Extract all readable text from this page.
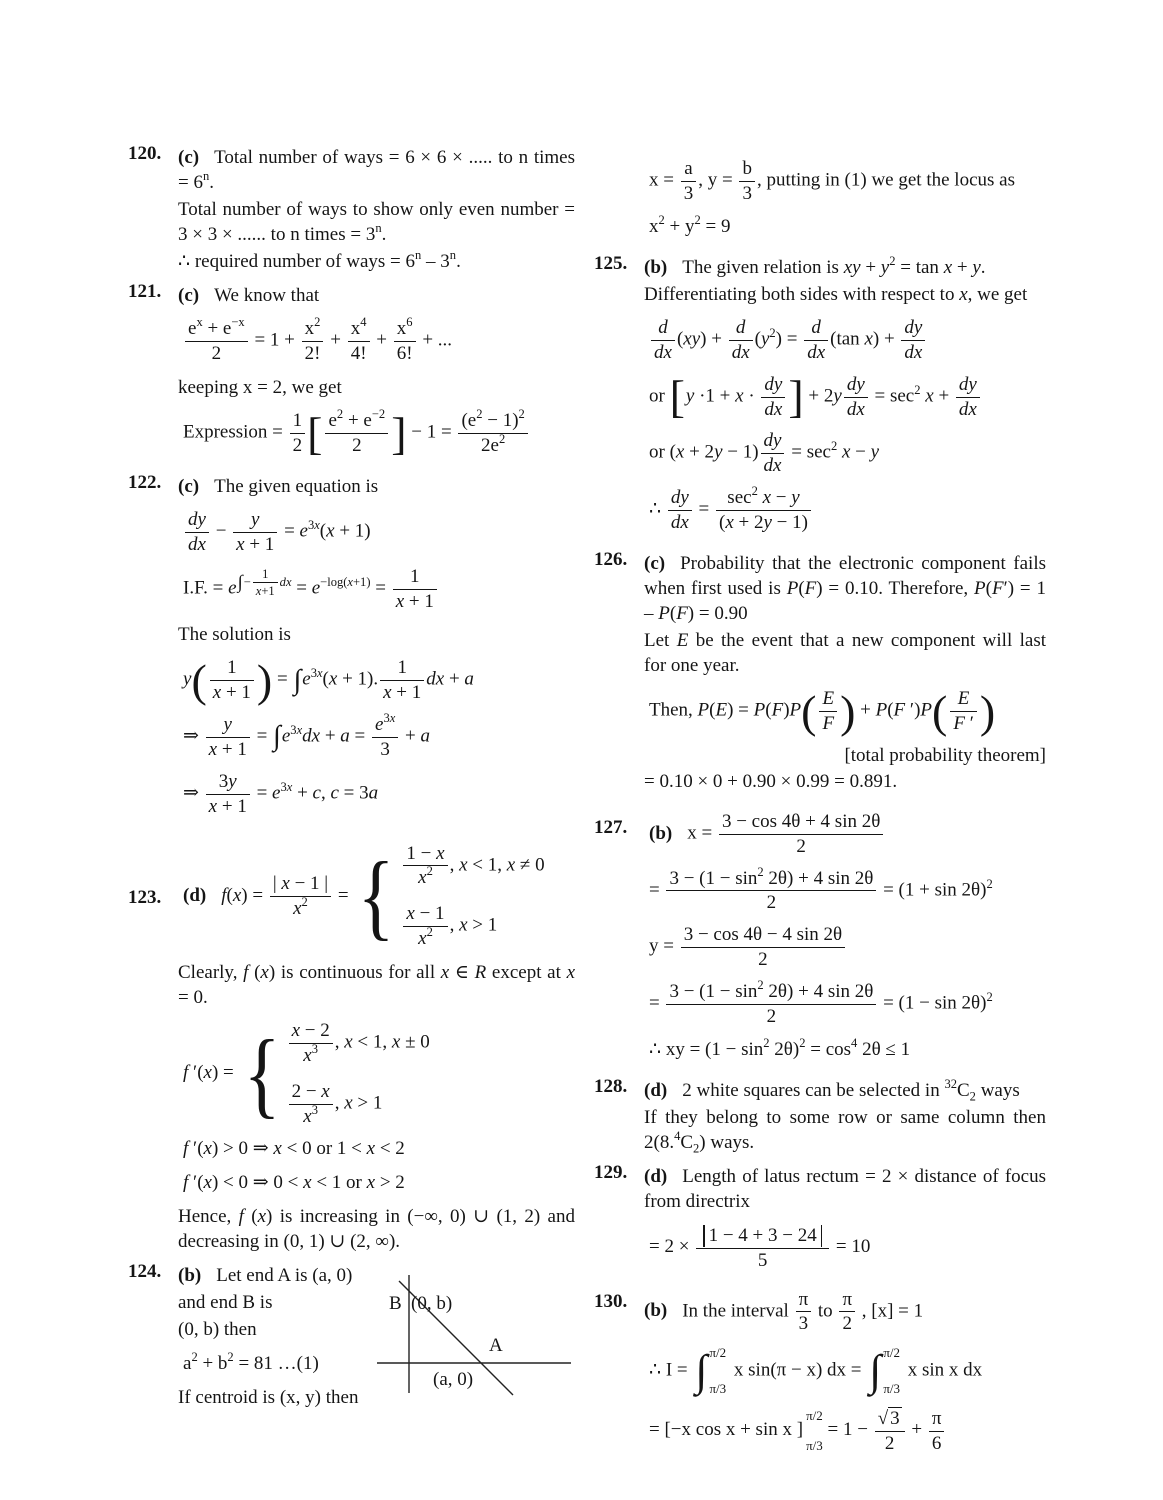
120. (c) Total number of ways = 6 × 6 × ..... to n times = $6^n$.
Total number of ways to show only even number = 3 × 3 × ...... to n times = $3^n$.
∴ required number of ways = $6^n - 3^n$.
121. (c) We know that
$\frac{e^x + e^{-x}}{2} = 1 + \frac{x^2}{2!} + \frac{x^4}{4!} + \frac{x^6}{6!}$ + ...
keeping x = 2, we get
Expression = $\frac{1}{2}$ [ $\frac{e^2 + e^{-2}}{2}$ ] − $1 = \frac{(e^2 - 1)^2}{2e^2}$
122. (c) The given equation is
$\frac{dy}{dx} - \frac{y}{x + 1} = e^{3x}(x + 1)$
I.F. = $e^{\int- \frac{1}{x+1} dx} = e^{-log(x+1)} = \frac{1}{x + 1}$
The solution is
y ( $\frac{1}{x + 1}$ ) = $\int e^{3x}(x + 1)$. $\frac{1}{x + 1}$ dx + a
⇒ $\frac{y}{x + 1} = \int e^{3x}dx + a = \frac{e^{3x}}{3} + a$
⇒ $\frac{3y}{x + 1} = e^{3x} + c$, c = 3a
123.	(d) $f(x) = \frac{| x - 1 |}{x^2}$ = { $\frac{1 - x}{x^2}$ , x < 1, x ≠ 0
$\frac{x - 1}{x^2}$ , x > 1
Clearly, f (x) is continuous for all x ∈ R except at x = 0.
f ′(x) = { $\frac{x - 2}{x^3}$ , x < 1, x ± 0
$\frac{2 - x}{x^3}$ , x > 1
f ′(x) > 0 ⇒ x < 0 or 1 < x < 2
f ′(x) < 0 ⇒ 0 < x < 1 or x > 2
Hence, f (x) is increasing in (−∞, 0) ∪ (1, 2) and decreasing in (0, 1) ∪ (2, ∞).
124. (b) Let end A is (a, 0)
and end B is
(0, b) then
$a^2 + b^2 = 81$ …(1)
If centroid is (x, y) then
B (0, b)
A
(a, 0)
$x = \frac{a}{3}$ , $y = \frac{b}{3}$ , putting in (1) we get the locus as
$x^2 + y^2 = 9$
125. (b) The given relation is xy + $y^2 = \tan x + y$.
Differentiating both sides with respect to x, we get
$\frac{d}{dx} (xy) + \frac{d}{dx} (y^2) = \frac{d}{dx} (\tan$ $x) + \frac{dy}{dx}$
or [ $y \cdot 1 + x \cdot \frac{dy}{dx}$ ] + $2y \frac{dy}{dx} = \sec^2 x + \frac{dy}{dx}$
or $(x + 2y - 1) \frac{dy}{dx} = \sec^2 x - y$
∴ $\frac{dy}{dx} = \frac{\sec^2 x - y}{(x + 2y - 1)}$
126. (c) Probability that the electronic component fails when first used is P(F) = 0.10. Therefore, P(F′) = 1 – P(F) = 0.90
Let E be the event that a new component will last for one year.
Then, P(E) = P(F)P ( $\frac{E}{F}$ ) + P(F ′)P ( $\frac{E}{F '}$ )
[total probability theorem]
= 0.10 × 0 + 0.90 × 0.99 = 0.891.
127.	(b) $x = \frac{3 - \cos 4\theta + 4 \sin 2\theta}{2}$
= $\frac{3 - (1 - \sin^2 2\theta) + 4 \sin 2\theta}{2} = (1 + \sin 2\theta)^2$
$y = \frac{3 - \cos 4\theta - 4 \sin 2\theta}{2}$
= $\frac{3 - (1 - \sin^2 2\theta) + 4 \sin 2\theta}{2} = (1 - \sin 2\theta)^2$
∴ xy = $(1 - \sin^2 2\theta)^2 = \cos^4 2\theta \le 1$
128. (d) 2 white squares can be selected in $^{32}C_2$ ways
If they belong to some row or same column then $2(8.^4C_2)$ ways.
129. (d) Length of latus rectum = 2 × distance of focus from directrix
= $2 \times \frac{1 - 4 + 3 - 24}{5} = 10$
130. (b) In the interval $\frac{\pi}{3}$ to $\frac{\pi}{2}$ , [x] = 1
∴ I = ∫ π/2
π/3
x sin(π − x) dx = ∫ π/2
π/3
x sin x dx
= [−x cos x + sin x ]
π/2
π/3
= $1 - \frac{√ 3}{2} + \frac{\pi}{6}$
